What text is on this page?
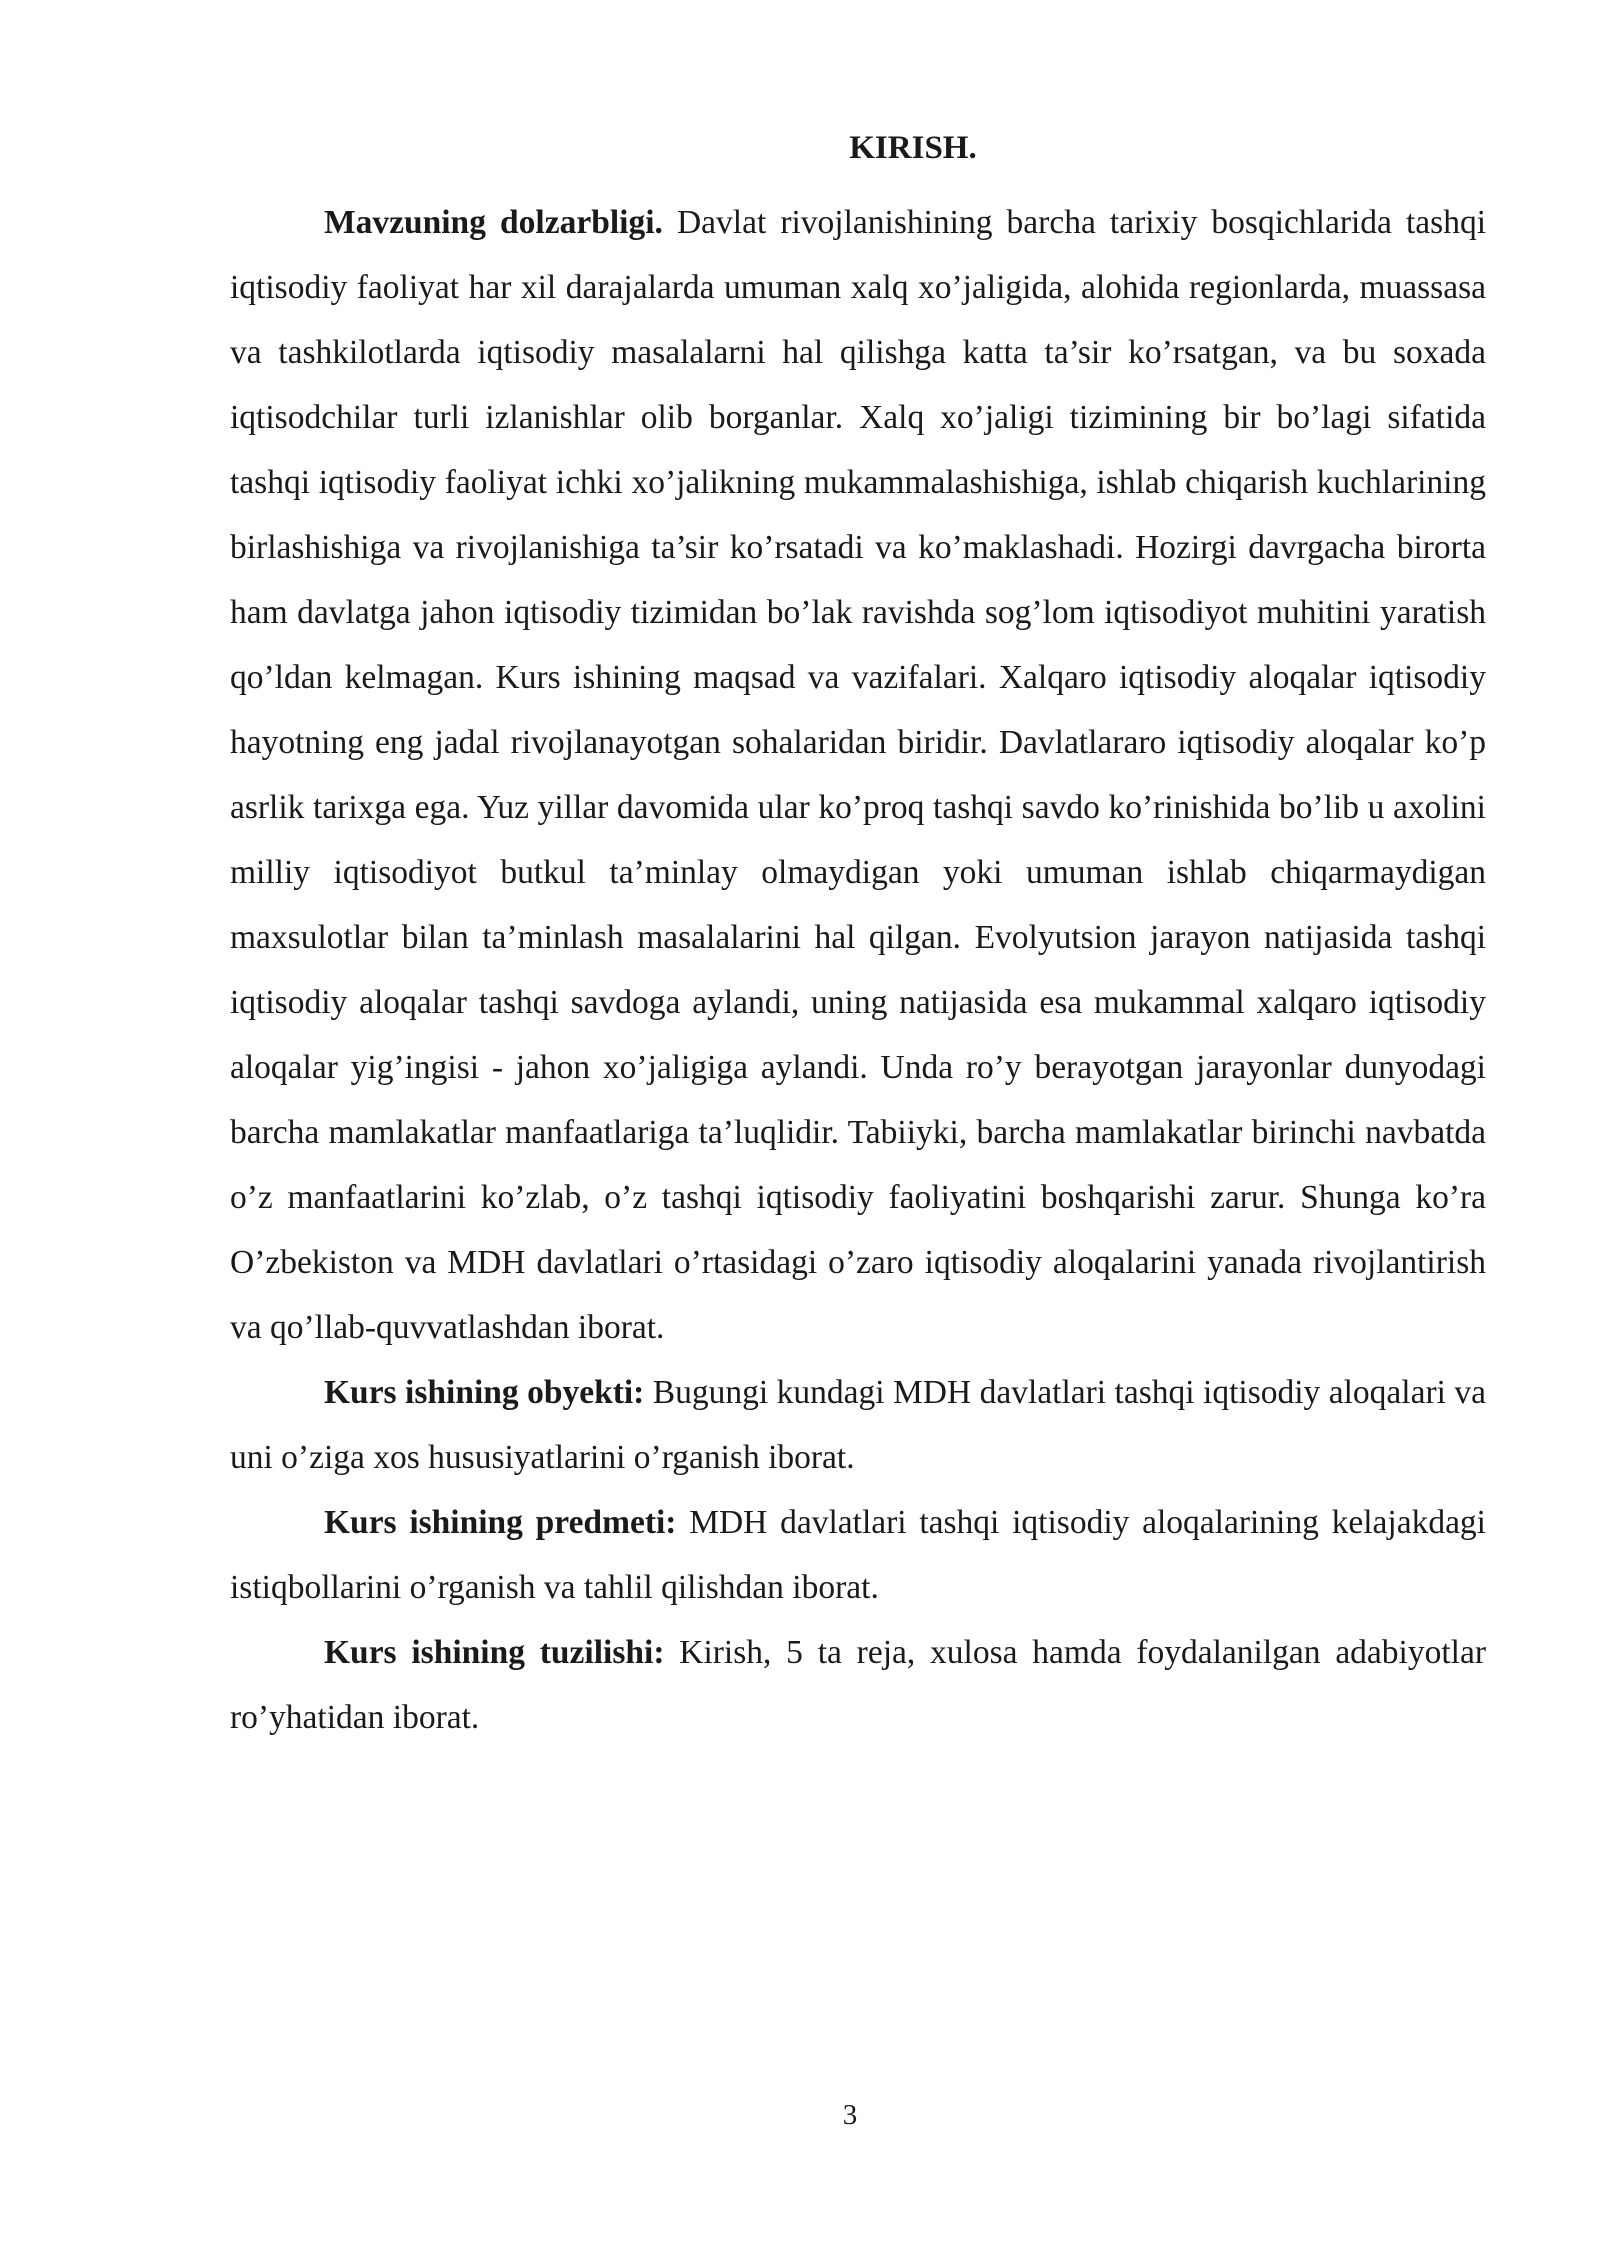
KIRISH.

Mavzuning dolzarbligi. Davlat rivojlanishining barcha tarixiy bosqichlarida tashqi iqtisodiy faoliyat har xil darajalarda umuman xalq xo’jaligida, alohida regionlarda, muassasa va tashkilotlarda iqtisodiy masalalarni hal qilishga katta ta’sir ko’rsatgan, va bu soxada iqtisodchilar turli izlanishlar olib borganlar. Xalq xo’jaligi tizimining bir bo’lagi sifatida tashqi iqtisodiy faoliyat ichki xo’jalikning mukammalashishiga, ishlab chiqarish kuchlarining birlashishiga va rivojlanishiga ta’sir ko’rsatadi va ko’maklashadi. Hozirgi davrgacha birorta ham davlatga jahon iqtisodiy tizimidan bo’lak ravishda sog’lom iqtisodiyot muhitini yaratish qo’ldan kelmagan. Kurs ishining maqsad va vazifalari. Xalqaro iqtisodiy aloqalar iqtisodiy hayotning eng jadal rivojlanayotgan sohalaridan biridir. Davlatlararo iqtisodiy aloqalar ko’p asrlik tarixga ega. Yuz yillar davomida ular ko’proq tashqi savdo ko’rinishida bo’lib u axolini milliy iqtisodiyot butkul ta’minlay olmaydigan yoki umuman ishlab chiqarmaydigan maxsulotlar bilan ta’minlash masalalarini hal qilgan. Evolyutsion jarayon natijasida tashqi iqtisodiy aloqalar tashqi savdoga aylandi, uning natijasida esa mukammal xalqaro iqtisodiy aloqalar yig’ingisi - jahon xo’jaligiga aylandi. Unda ro’y berayotgan jarayonlar dunyodagi barcha mamlakatlar manfaatlariga ta’luqlidir. Tabiiyki, barcha mamlakatlar birinchi navbatda o’z manfaatlarini ko’zlab, o’z tashqi iqtisodiy faoliyatini boshqarishi zarur. Shunga ko’ra O’zbekiston va MDH davlatlari o’rtasidagi o’zaro iqtisodiy aloqalarini yanada rivojlantirish va qo’llab-quvvatlashdan iborat.

Kurs ishining obyekti: Bugungi kundagi MDH davlatlari tashqi iqtisodiy aloqalari va uni o’ziga xos hususiyatlarini o’rganish iborat.

Kurs ishining predmeti: MDH davlatlari tashqi iqtisodiy aloqalarining kelajakdagi istiqbollarini o’rganish va tahlil qilishdan iborat.

Kurs ishining tuzilishi: Kirish, 5 ta reja, xulosa hamda foydalanilgan adabiyotlar ro’yhatidan iborat.

3
